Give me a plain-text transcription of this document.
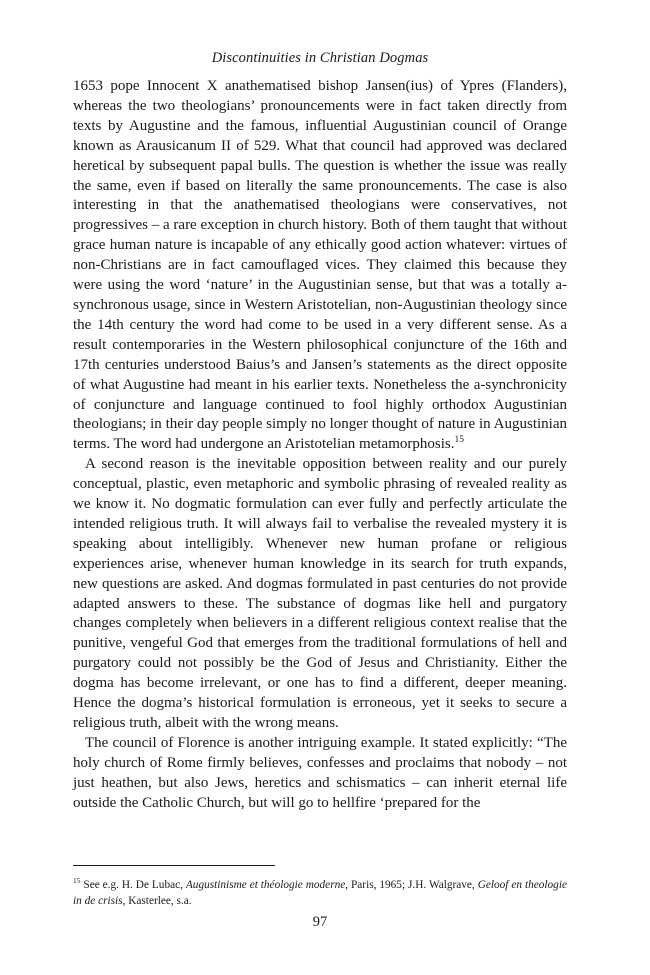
Discontinuities in Christian Dogmas

1653 pope Innocent X anathematised bishop Jansen(ius) of Ypres (Flanders), whereas the two theologians’ pronouncements were in fact taken directly from texts by Augustine and the famous, influential Augustinian council of Orange known as Arausicanum II of 529. What that council had approved was declared heretical by subsequent papal bulls. The question is whether the issue was really the same, even if based on literally the same pronouncements. The case is also interesting in that the anathematised theologians were conservatives, not progressives – a rare exception in church history. Both of them taught that without grace human nature is incapable of any ethically good action whatever: virtues of non-Christians are in fact camouflaged vices. They claimed this because they were using the word ‘nature’ in the Augustinian sense, but that was a totally a-synchronous usage, since in Western Aristotelian, non-Augustinian theology since the 14th century the word had come to be used in a very different sense. As a result contemporaries in the Western philosophical conjuncture of the 16th and 17th centuries understood Baius’s and Jansen’s statements as the direct opposite of what Augustine had meant in his earlier texts. Nonetheless the a-synchronicity of conjuncture and language continued to fool highly orthodox Augustinian theologians; in their day people simply no longer thought of nature in Augustinian terms. The word had undergone an Aristotelian metamorphosis.$^{15}$

A second reason is the inevitable opposition between reality and our purely conceptual, plastic, even metaphoric and symbolic phrasing of revealed reality as we know it. No dogmatic formulation can ever fully and perfectly articulate the intended religious truth. It will always fail to verbalise the revealed mystery it is speaking about intelligibly. Whenever new human profane or religious experiences arise, whenever human knowledge in its search for truth expands, new questions are asked. And dogmas formulated in past centuries do not provide adapted answers to these. The substance of dogmas like hell and purgatory changes completely when believers in a different religious context realise that the punitive, vengeful God that emerges from the traditional formulations of hell and purgatory could not possibly be the God of Jesus and Christianity. Either the dogma has become irrelevant, or one has to find a different, deeper meaning. Hence the dogma’s historical formulation is erroneous, yet it seeks to secure a religious truth, albeit with the wrong means.

The council of Florence is another intriguing example. It stated explicitly: “The holy church of Rome firmly believes, confesses and proclaims that nobody – not just heathen, but also Jews, heretics and schismatics – can inherit eternal life outside the Catholic Church, but will go to hellfire ‘prepared for the

$^{15}$ See e.g. H. De Lubac, Augustinisme et théologie moderne, Paris, 1965; J.H. Walgrave, Geloof en theologie in de crisis, Kasterlee, s.a.
97
